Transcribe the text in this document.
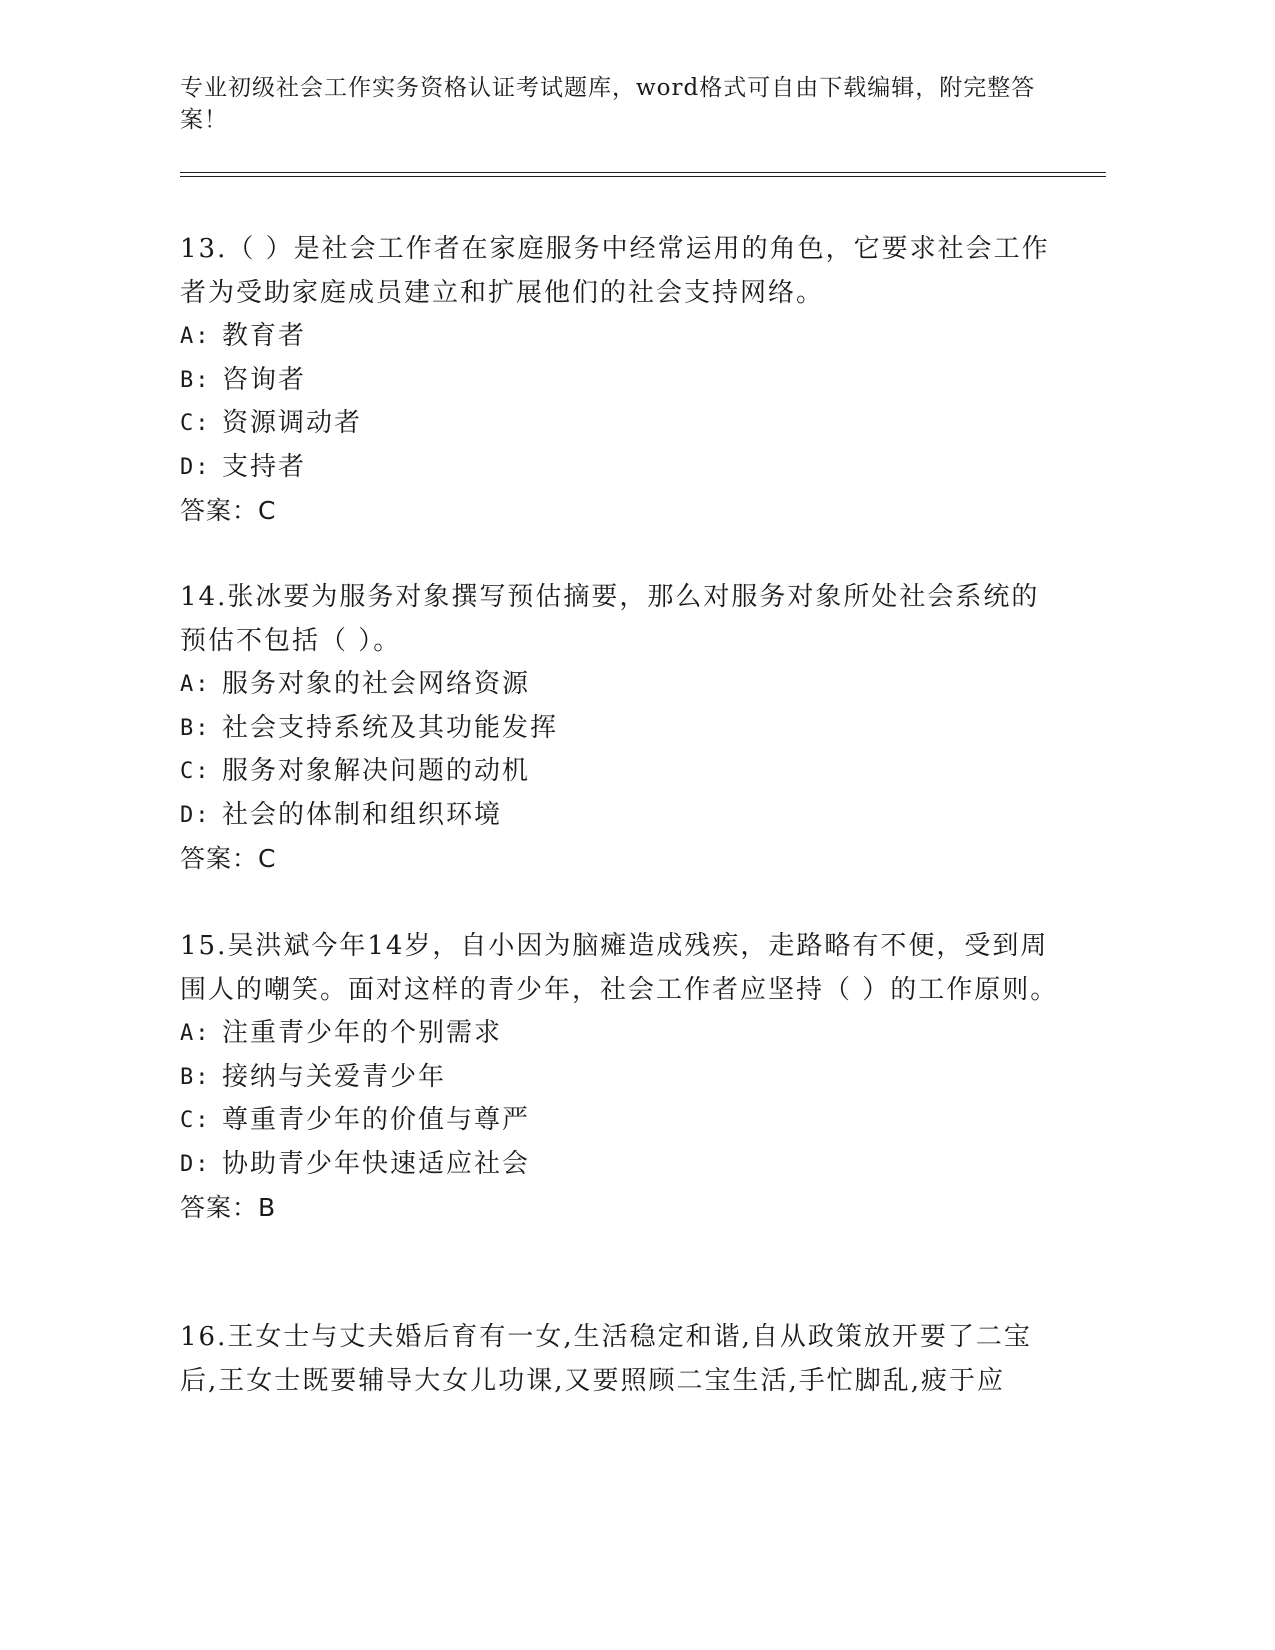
专业初级社会工作实务资格认证考试题库，word格式可自由下载编辑，附完整答案！

13.（ ）是社会工作者在家庭服务中经常运用的角色，它要求社会工作者为受助家庭成员建立和扩展他们的社会支持网络。

A: 教育者
B: 咨询者
C: 资源调动者
D: 支持者

答案：C

14.张冰要为服务对象撰写预估摘要，那么对服务对象所处社会系统的预估不包括（ ）。

A: 服务对象的社会网络资源
B: 社会支持系统及其功能发挥
C: 服务对象解决问题的动机
D: 社会的体制和组织环境

答案：C

15.吴洪斌今年14岁，自小因为脑瘫造成残疾，走路略有不便，受到周围人的嘲笑。面对这样的青少年，社会工作者应坚持（ ）的工作原则。

A: 注重青少年的个别需求
B: 接纳与关爱青少年
C: 尊重青少年的价值与尊严
D: 协助青少年快速适应社会

答案：B

16.王女士与丈夫婚后育有一女,生活稳定和谐,自从政策放开要了二宝后,王女士既要辅导大女儿功课,又要照顾二宝生活,手忙脚乱,疲于应
